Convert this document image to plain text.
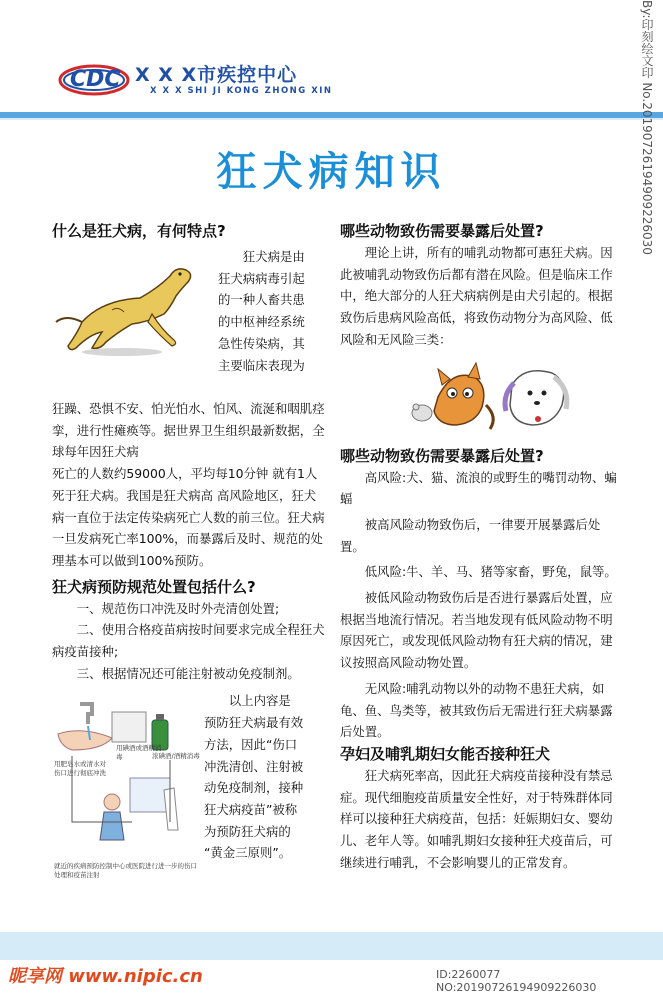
CDC X X X市疾控中心
X X X SHI JI KONG ZHONG XIN
狂犬病知识

什么是狂犬病，有何特点?

狂犬病是由

狂犬病病毒引起

的一种人畜共患

的中枢神经系统

急性传染病，其

主要临床表现为

狂躁、恐惧不安、怕光怕水、怕风、流涎和咽肌痉挛，进行性瘫痪等。据世界卫生组织最新数据，全球每年因狂犬病

死亡的人数约59000人，平均每10分钟 就有1人死于狂犬病。我国是狂犬病高 高风险地区，狂犬病一直位于法定传染病死亡人数的前三位。狂犬病一旦发病死亡率100%，而暴露后及时、规范的处理基本可以做到100%预防。

狂犬病预防规范处置包括什么?

一、规范伤口冲洗及时外壳清创处置;

二、使用合格疫苗病按时间要求完成全程狂犬病疫苗接种;

三、根据情况还可能注射被动免疫制剂。

用肥皂水或清水对伤口进行彻底冲洗
用碘酒或酒精消毒	浓碘酒/酒精消毒
就近的疾病预防控制中心或医院进行进一步的伤口处理和疫苗注射

以上内容是

预防狂犬病最有效

方法，因此“伤口

冲洗清创、注射被

动免疫制剂，接种

狂犬病疫苗”被称

为预防狂犬病的

“黄金三原则”。

哪些动物致伤需要暴露后处置?

理论上讲，所有的哺乳动物都可惠狂犬病。因此被哺乳动物致伤后都有潜在风险。但是临床工作中，绝大部分的人狂犬病病例是由犬引起的。根据致伤后患病风险高低，将致伤动物分为高风险、低风险和无风险三类：

哪些动物致伤需要暴露后处置?

高风险:犬、猫、流浪的或野生的嘴罚动物、蝙蝠

被高风险动物致伤后，一律要开展暴露后处置。

低风险:牛、羊、马、猪等家畜，野兔，鼠等。

被低风险动物致伤后是否进行暴露后处置，应根据当地流行情况。若当地发现有低风险动物不明原因死亡，或发现低风险动物有狂犬病的情况，建议按照高风险动物处置。

无风险:哺乳动物以外的动物不患狂犬病，如龟、鱼、鸟类等，被其致伤后无需进行狂犬病暴露后处置。

孕妇及哺乳期妇女能否接种狂犬

狂犬病死率高，因此狂犬病疫苗接种没有禁忌症。现代细胞疫苗质量安全性好，对于特殊群体同样可以接种狂犬病疫苗，包括：妊娠期妇女、婴幼儿、老年人等。如哺乳期妇女接种狂犬疫苗后，可继续进行哺乳，不会影响婴儿的正常发育。

By:印刻绘文印 No.20190726194909226030
昵享网 www.nipic.cn	ID:2260077 NO:20190726194909226030
